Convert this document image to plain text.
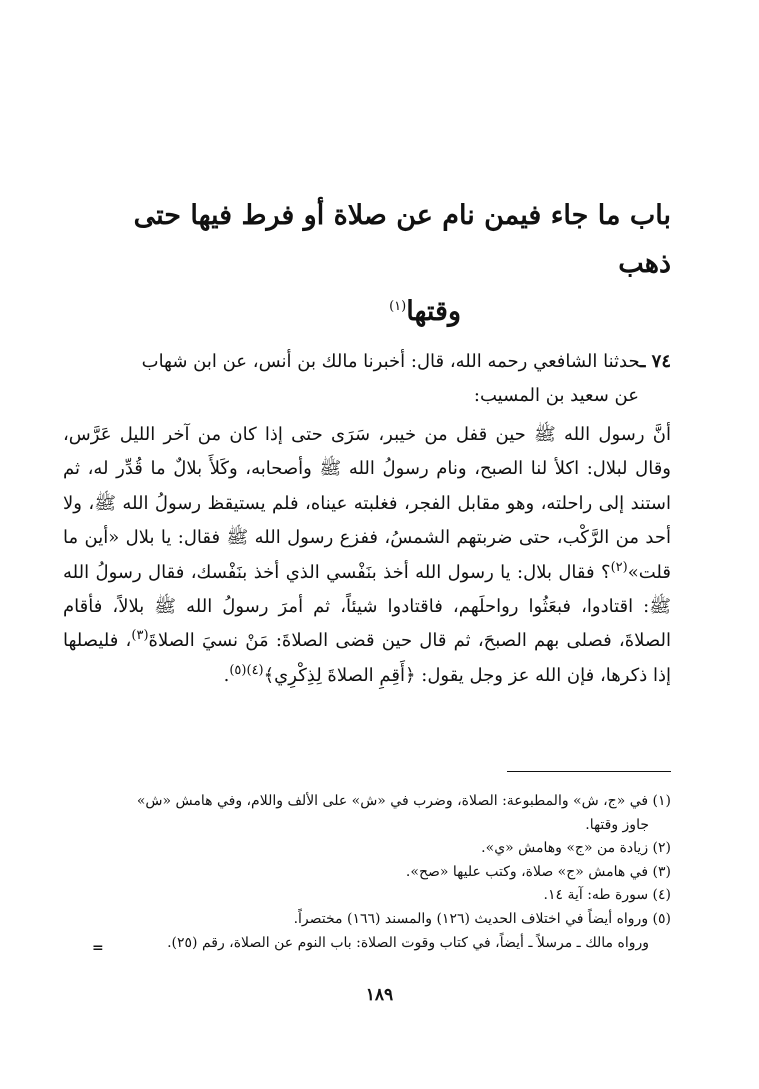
باب ما جاء فيمن نام عن صلاة أو فرط فيها حتى ذهب
وقتها$^{(١)}$
٧٤ ـحدثنا الشافعي رحمه الله، قال: أخبرنا مالك بن أنس، عن ابن شهاب
عن سعيد بن المسيب:
أنَّ رسول الله ﷺ حين قفل من خيبر، سَرَى حتى إذا كان من آخر الليل عَرَّس، وقال لبلال: اكلأ لنا الصبح، ونام رسولُ الله ﷺ وأصحابه، وكَلأَ بلالٌ ما قُدِّر له، ثم استند إلى راحلته، وهو مقابل الفجر، فغلبته عيناه، فلم يستيقظ رسولُ الله ﷺ، ولا أحد من الرَّكْب، حتى ضربتهم الشمسُ، ففزع رسول الله ﷺ فقال: يا بلال «أين ما قلت»$^{(٢)}$؟ فقال بلال: يا رسول الله أخذ بنَفْسي الذي أخذ بنَفْسك، فقال رسولُ الله ﷺ: اقتادوا، فبعَثُوا رواحلَهم، فاقتادوا شيئاً، ثم أمرَ رسولُ الله ﷺ بلالاً، فأقام الصلاةَ، فصلى بهم الصبحَ، ثم قال حين قضى الصلاةَ: مَنْ نسيَ الصلاةَ$^{(٣)}$، فليصلها إذا ذكرها، فإن الله عز وجل يقول: ﴿أَقِمِ الصلاةَ لِذِكْرِي﴾$^{(٤)(٥)}$.
(١) في «ج، ش» والمطبوعة: الصلاة، وضرب في «ش» على الألف واللام، وفي هامش «ش»
جاوز وقتها.
(٢) زيادة من «ج» وهامش «ي».
(٣) في هامش «ج» صلاة، وكتب عليها «صح».
(٤) سورة طه: آية ١٤.
(٥) ورواه أيضاً في اختلاف الحديث (١٢٦) والمسند (١٦٦) مختصراً.
ورواه مالك ـ مرسلاً ـ أيضاً، في كتاب وقوت الصلاة: باب النوم عن الصلاة، رقم (٢٥).
=
١٨٩
